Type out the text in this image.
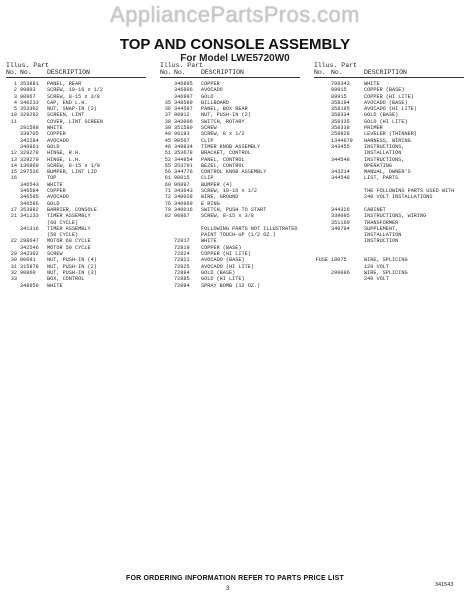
AppliancePartsPros.com
TOP AND CONSOLE ASSEMBLY
For Model LWE5720W0
Illus. Part
No. No. DESCRIPTION
1 353881	PANEL, REAR
2 90803	SCREW, 10-16 x 1/2
3 90867	SCREW, 8-15 x 3/8
4 346233	CAP, END L.H.
5 353392	NUT, SNAP-IN (2)
10 329292	SCREEN, LINT
11	COVER, LINT SCREEN
291588	WHITE
339705	COPPER
342284	AVOCADO
346861	GOLD
12 329278	HINGE, R.H.
13 329279	HINGE, L.H.
14 136860	SCREW, 8-15 x 1/8
15 297536	BUMPER, LINT LID
16	TOP
346543	WHITE
346584	COPPER
346585	AVOCADO
346586	GOLD
17 353882	BARRIER, CONSOLE
21 341133	TIMER ASSEMBLY
(60 CYCLE)
341316	TIMER ASSEMBLY
(50 CYCLE)
22 298647	MOTOR 60 CYCLE
342546	MOTOR 50 CYCLE
29 342302	SCREW
30 90091	NUT, PUSH-IN (4)
31 315878	NUT, PUSH-IN (2)
32 90860	NUT, PUSH-IN (3)
33	BOX, CONTROL
348950	WHITE
Illus. Part
No. No. DESCRIPTION
346895	COPPER
346896	AVOCADO
346897	GOLD
35 348589	BILLBOARD
36 344587	PANEL, BOX REAR
37 90812	NUT, PUSH-IN (2)
38 343006	SWITCH, ROTARY
39 351580	SCREW
40 96183	SCREW, 8 x 1/2
45 90567	CLIP
46 349834	TIMER KNOB ASSEMBLY
51 353678	BRACKET, CONTROL
52 344854	PANEL, CONTROL
55 353791	BEZEL, CONTROL
56 344776	CONTROL KNOB ASSEMBLY
61 90015	CLIP
69 96097	BUMPER (4)
71 343643	SCREW, 10-16 x 1/2
72 340028	WIRE, GROUND
76 340969	E RING
79 340016	SWITCH, PUSH TO START
82 90867	SCREW, 8-15 x 3/8
FOLLOWING PARTS NOT ILLUSTRATED
PAINT TOUCH-UP (1/2 OZ.)
72817	WHITE
72819	COPPER (BASE)
72824	COPPER (HI LITE)
72821	AVOCADO (BASE)
72825	AVOCADO (HI LITE)
72884	GOLD (BASE)
72885	GOLD (HI LITE)
72094	SPRAY BOMB (12 OZ.)
Illus. Part
No. No.	DESCRIPTION
799343	WHITE
89915	COPPER (BASE)
89915	COPPER (HI LITE)
358194	AVOCADO (BASE)
358195	AVOCADO (HI LITE)
358334	GOLD (BASE)
358335	GOLD (HI LITE)
358338	PRIMER
258928	LEVELER (THINNER)
1344679	HARNESS, WIRING
343455	INSTRUCTIONS,
INSTALLATION
344548	INSTRUCTIONS,
OPERATING
343214	MANUAL, OWNER'S
344548	LIST, PARTS
THE FOLLOWING PARTS USED WITH
240 VOLT INSTALLATIONS
344326	CABINET
339095	INSTRUCTIONS, WIRING
351169	TRANSFORMER
349794	SUPPLEMENT,
INSTALLATION
INSTRUCTION
FUSE 18075	WIRE, SPLICING
120 VOLT
299886	WIRE, SPLICING
240 VOLT
FOR ORDERING INFORMATION REFER TO PARTS PRICE LIST
3
341543
